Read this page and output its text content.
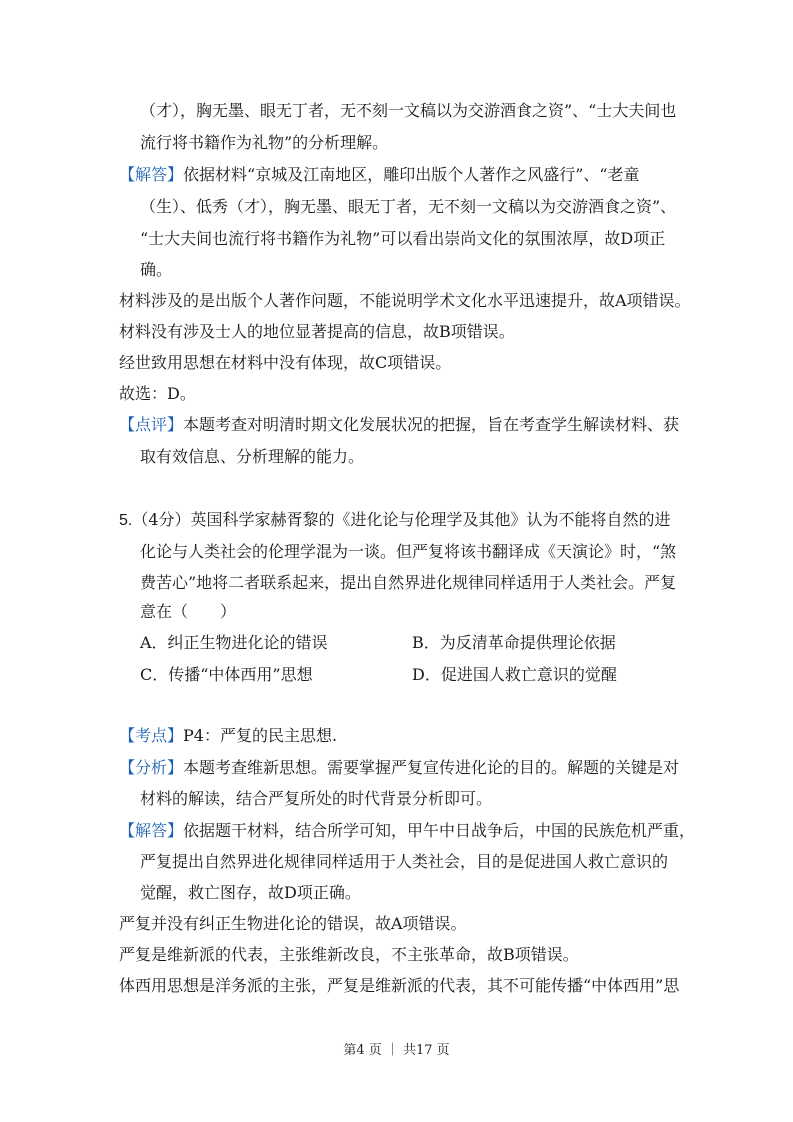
（才），胸无墨、眼无丁者，无不刻一文稿以为交游酒食之资”、“士大夫间也
流行将书籍作为礼物”的分析理解。
【解答】依据材料“京城及江南地区，雕印出版个人著作之风盛行”、“老童
（生）、低秀（才），胸无墨、眼无丁者，无不刻一文稿以为交游酒食之资”、
“士大夫间也流行将书籍作为礼物”可以看出崇尚文化的氛围浓厚，故D项正
确。
材料涉及的是出版个人著作问题，不能说明学术文化水平迅速提升，故A项错误。
材料没有涉及士人的地位显著提高的信息，故B项错误。
经世致用思想在材料中没有体现，故C项错误。
故选：D。
【点评】本题考查对明清时期文化发展状况的把握，旨在考查学生解读材料、获
取有效信息、分析理解的能力。
5.（4分）英国科学家赫胥黎的《进化论与伦理学及其他》认为不能将自然的进
化论与人类社会的伦理学混为一谈。但严复将该书翻译成《天演论》时，“煞
费苦心”地将二者联系起来，提出自然界进化规律同样适用于人类社会。严复
意在（　　）
A．纠正生物进化论的错误	B．为反清革命提供理论依据
C．传播“中体西用”思想	D．促进国人救亡意识的觉醒
【考点】P4：严复的民主思想.
【分析】本题考查维新思想。需要掌握严复宣传进化论的目的。解题的关键是对
材料的解读，结合严复所处的时代背景分析即可。
【解答】依据题干材料，结合所学可知，甲午中日战争后，中国的民族危机严重，
严复提出自然界进化规律同样适用于人类社会，目的是促进国人救亡意识的
觉醒，救亡图存，故D项正确。
严复并没有纠正生物进化论的错误，故A项错误。
严复是维新派的代表，主张维新改良，不主张革命，故B项错误。
体西用思想是洋务派的主张，严复是维新派的代表，其不可能传播“中体西用”思
第4 页 ｜ 共17 页
